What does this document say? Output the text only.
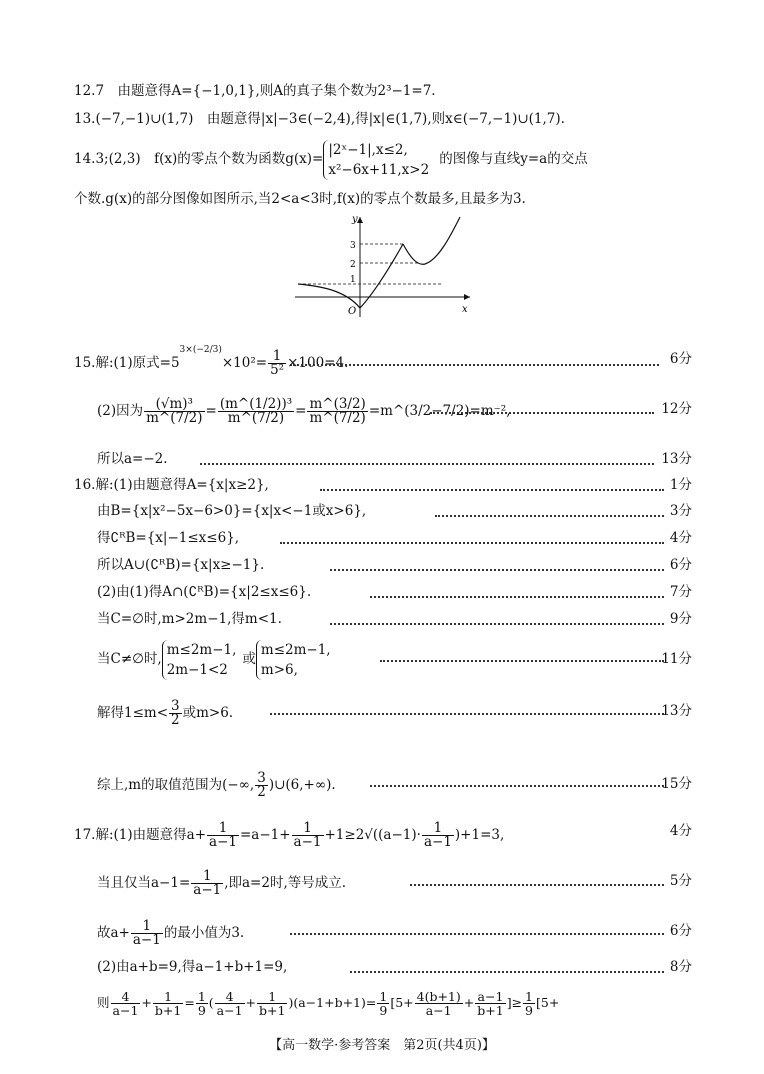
12.7　由题意得A={−1,0,1},则A的真子集个数为2³−1=7.
13.(−7,−1)∪(1,7)　由题意得|x|−3∈(−2,4),得|x|∈(1,7),则x∈(−7,−1)∪(1,7).
14.3;(2,3)　f(x)的零点个数为函数g(x)=
|2ˣ−1|,x≤2,
x²−6x+11,x>2
的图像与直线y=a的交点
个数.g(x)的部分图像如图所示,当2<a<3时,f(x)的零点个数最多,且最多为3.
y
x
O
3
2
1
15.解:(1)原式$=5^{3\times(-2/3)}\times 10^2= \frac{1}{\text{5²}} \times 100=4$.	6分
(2)因为 $\frac{\text{(√m)³}}{m\^{}(7/2)} = \frac{\text{(m\textasciicircum{}(1/2))³}}{m\^{}(7/2)} = \frac{m\^{}(3/2)}{m\^{}(7/2)}$ =m^(3/2−7/2)=m⁻²,	12分
所以a=−2.	13分
16.解:(1)由题意得A={x|x≥2},	1分
由B={x|x²−5x−6>0}={x|x<−1或x>6},	3分
得∁ᴿB={x|−1≤x≤6},	4分
所以A∪(∁ᴿB)={x|x≥−1}.	6分
(2)由(1)得A∩(∁ᴿB)={x|2≤x≤6}.	7分
当C=∅时,m>2m−1,得m<1.	9分
当C≠∅时,
m≤2m−1,
2m−1<2
或
m≤2m−1,
m>6,
11分
解得$1\le m< \frac{3}{2}$ 或m>6.	13分
综上,m的取值范围为(−∞, $\frac{3}{2}$ )∪(6,+∞).	15分
17.解:(1)由题意得$a+ \frac{1}{a-1} =a-1+ \frac{1}{a-1} +1\ge 2√((a-1)\cdot \frac{1}{a-1} )+1=3$,	4分
当且仅当$a-1= \frac{1}{a-1}$ ,即a=2时,等号成立.	5分
故$a+ \frac{1}{a-1}$ 的最小值为3.	6分
(2)由a+b=9,得a−1+b+1=9,	8分
则 $\frac{4}{a-1} + \frac{1}{b+1} = \frac{1}{9}$ ( $\frac{4}{a-1} + \frac{1}{b+1} )(a-1+b+1)= \frac{1}{9} [5+ \frac{4(b+1)}{a-1} + \frac{a-1}{b+1}$ ]≥ $\frac{1}{9} [5+$
【高一数学·参考答案　第2页(共4页)】
